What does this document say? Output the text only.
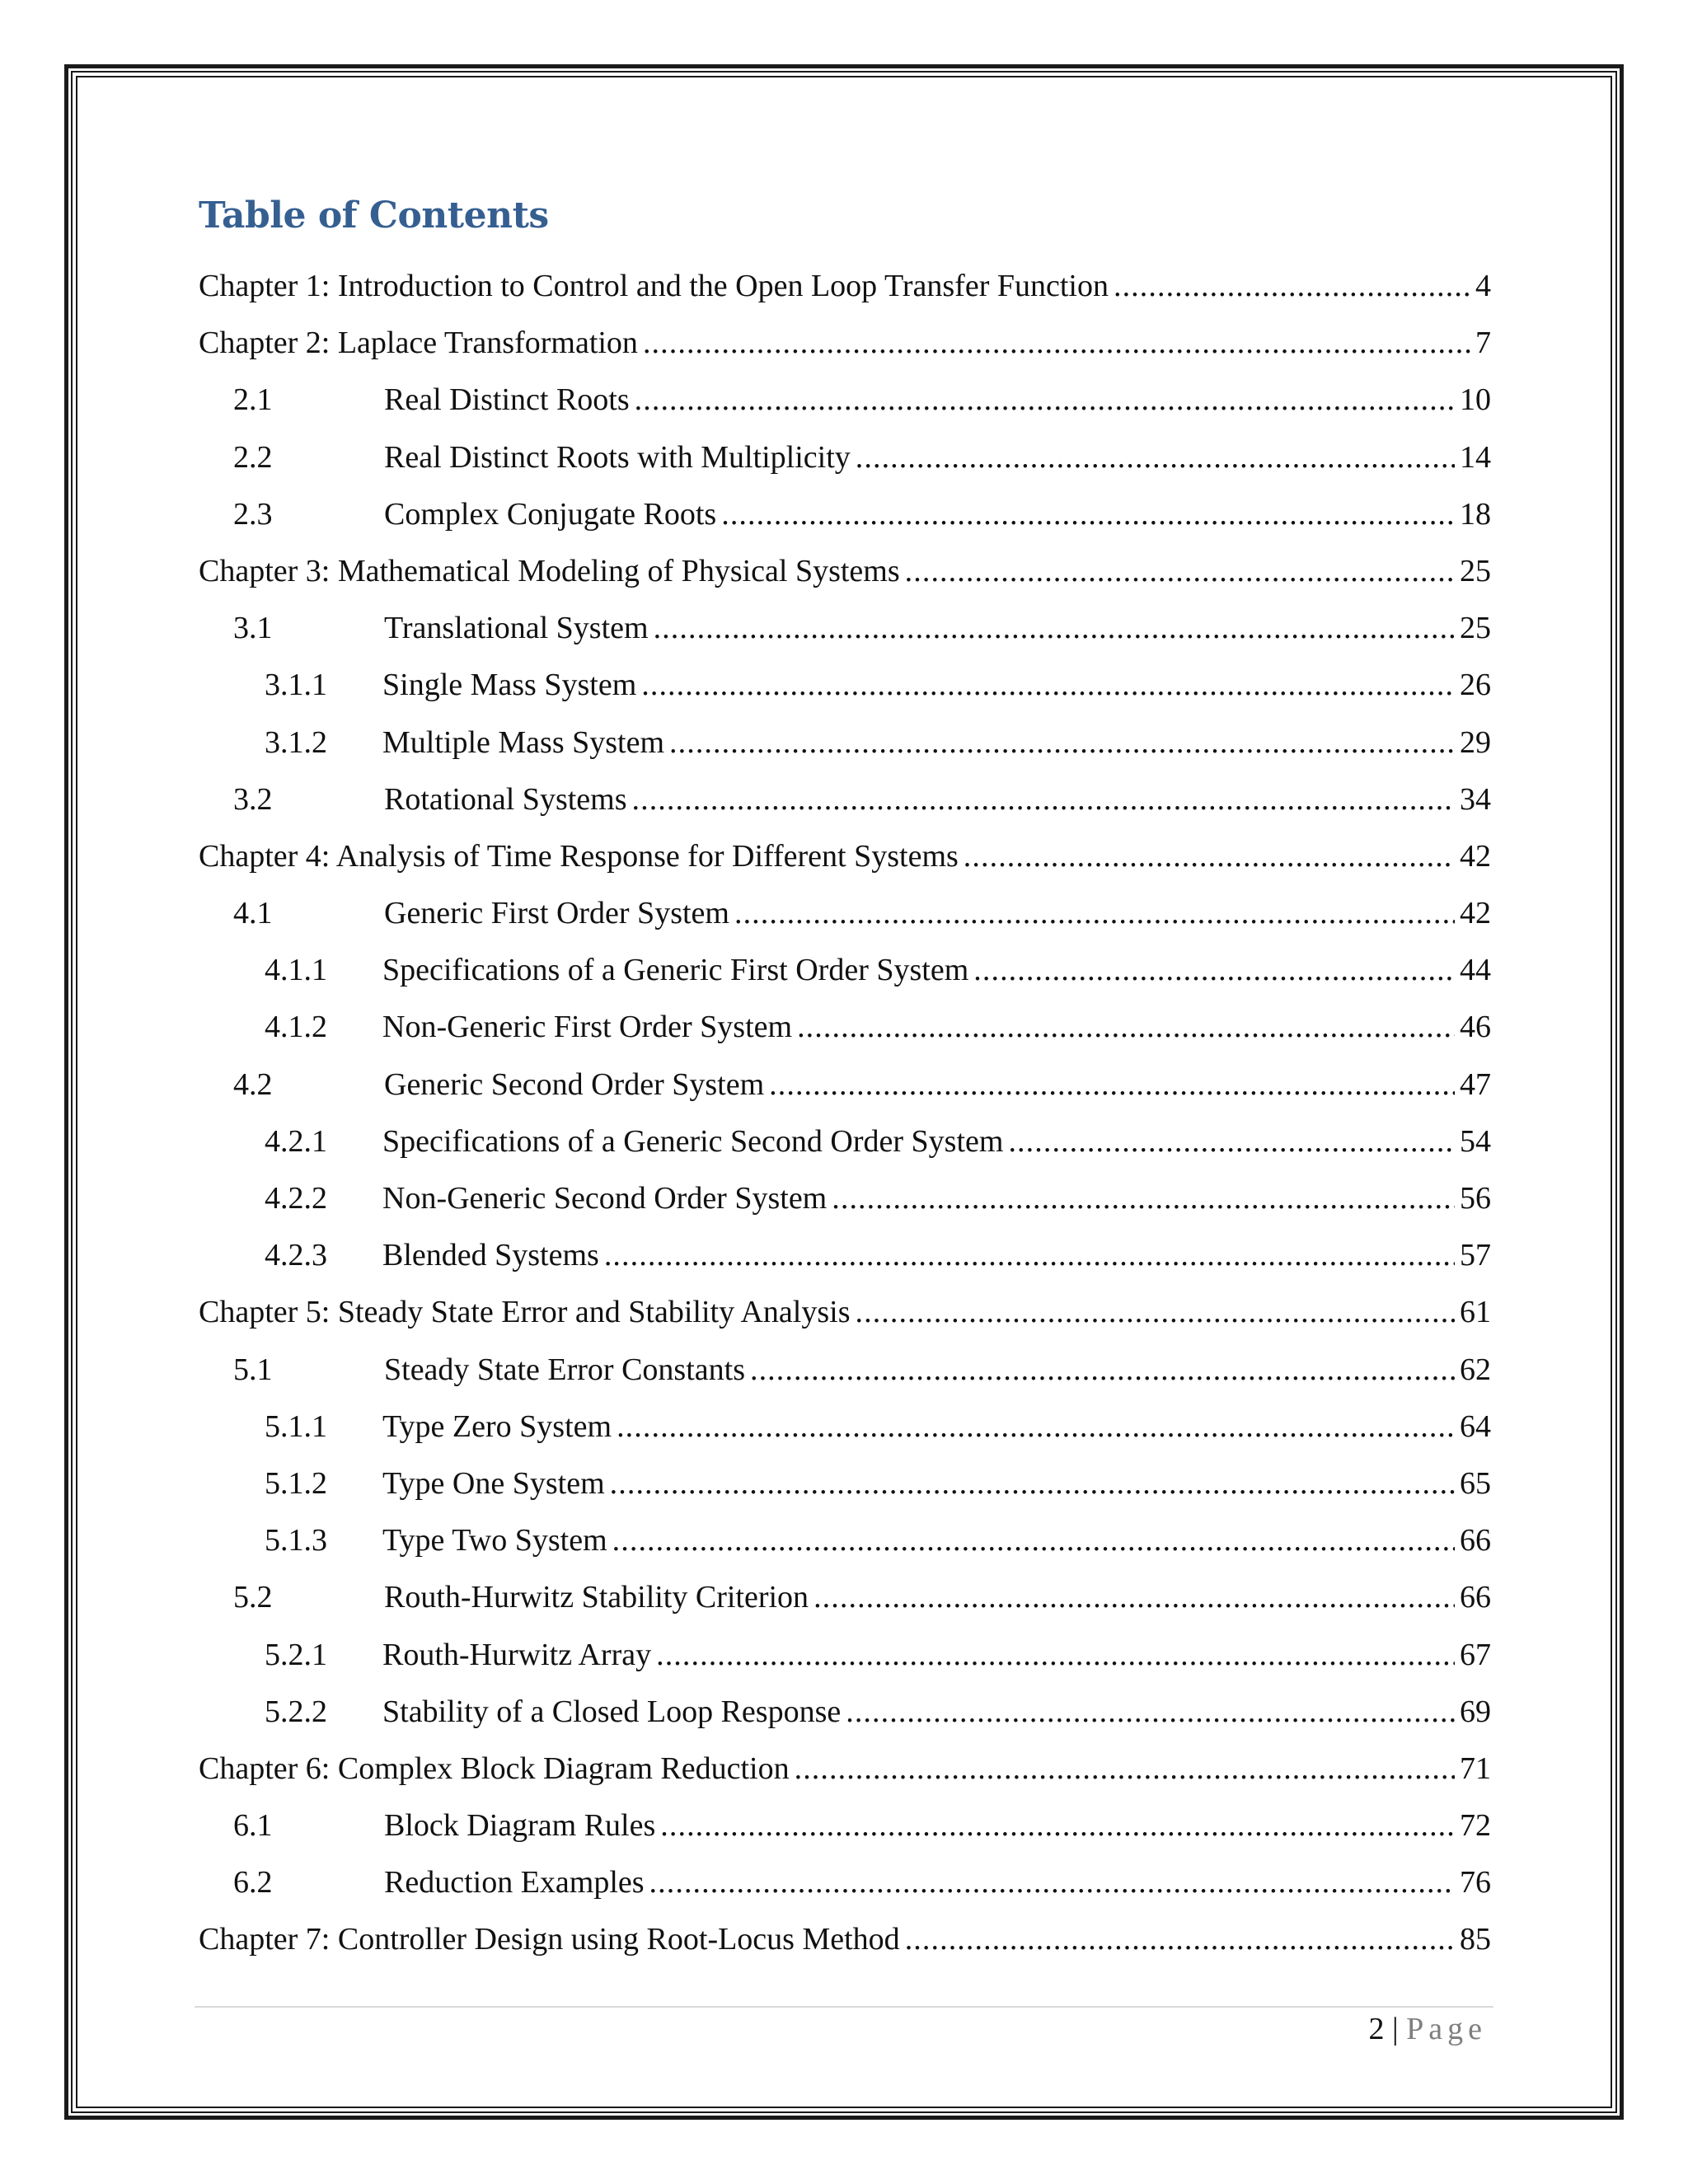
Table of Contents
Chapter 1: Introduction to Control and the Open Loop Transfer Function . . .	4
Chapter 2: Laplace Transformation . . .	7
2.1	Real Distinct Roots . . .	10
2.2	Real Distinct Roots with Multiplicity . . .	14
2.3	Complex Conjugate Roots . . .	18
Chapter 3: Mathematical Modeling of Physical Systems . . .	25
3.1	Translational System . . .	25
3.1.1	Single Mass System . . .	26
3.1.2	Multiple Mass System . . .	29
3.2	Rotational Systems . . .	34
Chapter 4: Analysis of Time Response for Different Systems . . .	42
4.1	Generic First Order System . . .	42
4.1.1	Specifications of a Generic First Order System . . .	44
4.1.2	Non-Generic First Order System . . .	46
4.2	Generic Second Order System . . .	47
4.2.1	Specifications of a Generic Second Order System . . .	54
4.2.2	Non-Generic Second Order System . . .	56
4.2.3	Blended Systems . . .	57
Chapter 5: Steady State Error and Stability Analysis . . .	61
5.1	Steady State Error Constants . . .	62
5.1.1	Type Zero System . . .	64
5.1.2	Type One System . . .	65
5.1.3	Type Two System . . .	66
5.2	Routh-Hurwitz Stability Criterion . . .	66
5.2.1	Routh-Hurwitz Array . . .	67
5.2.2	Stability of a Closed Loop Response . . .	69
Chapter 6: Complex Block Diagram Reduction . . .	71
6.1	Block Diagram Rules . . .	72
6.2	Reduction Examples . . .	76
Chapter 7: Controller Design using Root-Locus Method . . .	85
2 | Page
